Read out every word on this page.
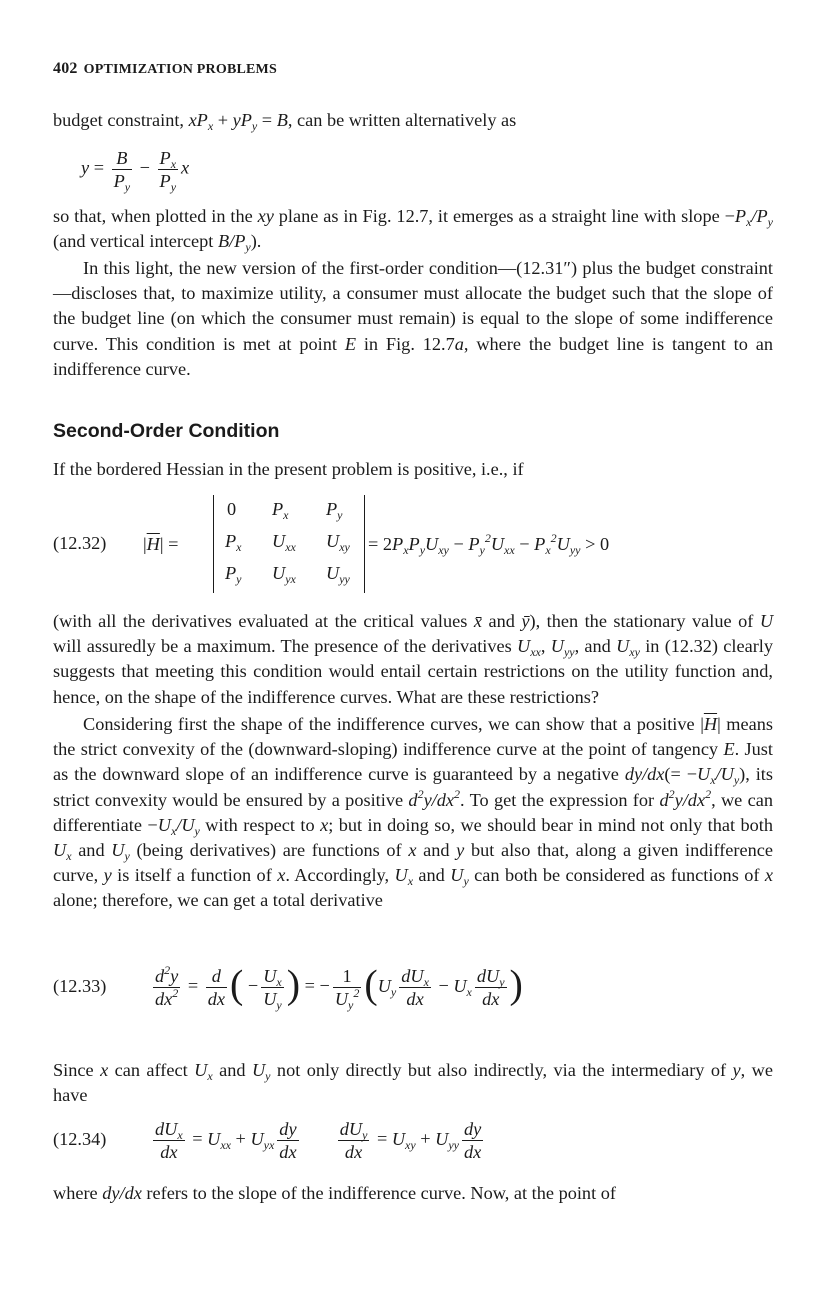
402 OPTIMIZATION PROBLEMS
budget constraint, $xP_x + yP_y = B$, can be written alternatively as
$y = \frac{B}{P_y} - \frac{P_x}{P_y}$ x
so that, when plotted in the xy plane as in Fig. 12.7, it emerges as a straight line with slope $-P_x/P_y$ (and vertical intercept $B/P_y$).
In this light, the new version of the first-order condition—(12.31″) plus the budget constraint—discloses that, to maximize utility, a consumer must allocate the budget such that the slope of the budget line (on which the consumer must remain) is equal to the slope of some indifference curve. This condition is met at point E in Fig. 12.7a, where the budget line is tangent to an indifference curve.
Second-Order Condition
If the bordered Hessian in the present problem is positive, i.e., if
(12.32) $|\overline{H}|$ =
0 $P_x$ $P_y$
$P_x$ $U_{xx}$ $U_{xy}$
$P_y$ $U_{yx}$ $U_{yy}$
= $2P_xP_yU_{xy} - P_y^2U_{xx} - P_x^2U_{yy} > 0$
(with all the derivatives evaluated at the critical values x̄ and ȳ), then the stationary value of U will assuredly be a maximum. The presence of the derivatives $U_{xx}$, $U_{yy}$, and $U_{xy}$ in (12.32) clearly suggests that meeting this condition would entail certain restrictions on the utility function and, hence, on the shape of the indifference curves. What are these restrictions?
Considering first the shape of the indifference curves, we can show that a positive $|\overline{H}|$ means the strict convexity of the (downward-sloping) indifference curve at the point of tangency E. Just as the downward slope of an indifference curve is guaranteed by a negative $dy/dx(= -U_x/U_y)$, its strict convexity would be ensured by a positive $d^2y/dx^2$. To get the expression for $d^2y/dx^2$, we can differentiate $-U_x/U_y$ with respect to x; but in doing so, we should bear in mind not only that both $U_x$ and $U_y$ (being derivatives) are functions of x and y but also that, along a given indifference curve, y is itself a function of x. Accordingly, $U_x$ and $U_y$ can both be considered as functions of x alone; therefore, we can get a total derivative
(12.33)	$\frac{d^2y}{dx^2} = \frac{d}{dx}$ ( − $\frac{U_x}{U_y}$ ) = − $\frac{1}{U_y^2} (U_y \frac{dU_x}{dx} - U_x \frac{dU_y}{dx}$ )
Since x can affect $U_x$ and $U_y$ not only directly but also indirectly, via the intermediary of y, we have
(12.34)	$\frac{dU_x}{dx} = U_{xx} + U_{yx} \frac{dy}{dx}$
$\frac{dU_y}{dx} = U_{xy} + U_{yy} \frac{dy}{dx}$
where dy/dx refers to the slope of the indifference curve. Now, at the point of
